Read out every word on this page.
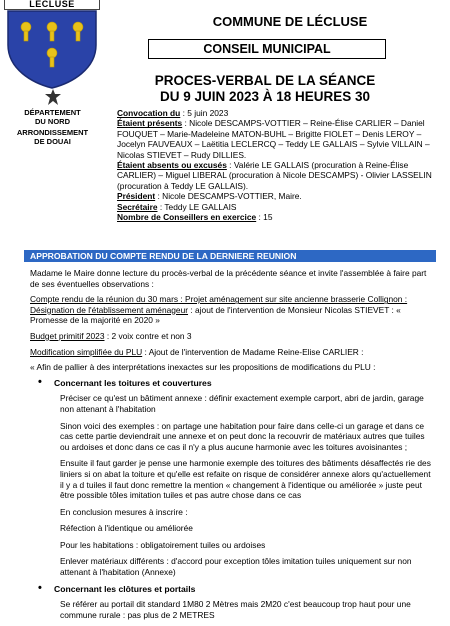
LÉCLUSE
DÉPARTEMENT
DU NORD
ARRONDISSEMENT
DE DOUAI
COMMUNE DE LÉCLUSE
CONSEIL MUNICIPAL
PROCES-VERBAL DE LA SÉANCE
DU 9 JUIN 2023 À 18 HEURES 30
Convocation du : 5 juin 2023
Étaient présents : Nicole DESCAMPS-VOTTIER – Reine-Élise CARLIER – Daniel FOUQUET – Marie-Madeleine MATON-BUHL – Brigitte FIOLET – Denis LEROY – Jocelyn FAUVEAUX – Laëtitia LECLERCQ – Teddy LE GALLAIS – Sylvie VILLAIN – Nicolas STIEVET – Rudy DILLIES.
Étaient absents ou excusés : Valérie LE GALLAIS (procuration à Reine-Élise CARLIER) – Miguel LIBERAL (procuration à Nicole DESCAMPS) - Olivier LASSELIN (procuration à Teddy LE GALLAIS).
Président : Nicole DESCAMPS-VOTTIER, Maire.
Secrétaire : Teddy LE GALLAIS
Nombre de Conseillers en exercice : 15
APPROBATION DU COMPTE RENDU DE LA DERNIERE REUNION

Madame le Maire donne lecture du procès-verbal de la précédente séance et invite l'assemblée à faire part de ses éventuelles observations :

Compte rendu de la réunion du 30 mars : Projet aménagement sur site ancienne brasserie Collignon : Désignation de l'établissement aménageur : ajout de l'intervention de Monsieur Nicolas STIEVET : « Promesse de la majorité en 2020 »

Budget primitif 2023 : 2 voix contre et non 3

Modification simplifiée du PLU : Ajout de l'intervention de Madame Reine-Elise CARLIER :

« Afin de pallier à des interprétations inexactes sur les propositions de modifications du PLU :

• Concernant les toitures et couvertures

Préciser ce qu'est un bâtiment annexe : définir exactement exemple carport, abri de jardin, garage non attenant à l'habitation

Sinon voici des exemples : on partage une habitation pour faire dans celle-ci un garage et dans ce cas cette partie deviendrait une annexe et on peut donc la recouvrir de matériaux autres que tuiles ou ardoises et donc dans ce cas il n'y a plus aucune harmonie avec les toitures avoisinantes ;

Ensuite il faut garder je pense une harmonie exemple des toitures des bâtiments désaffectés rie des liniers si on abat la toiture et qu'elle est refaite on risque de considérer annexe alors qu'actuellement il y a d tuiles il faut donc remettre la mention « changement à l'identique ou améliorée » juste peut être possible tôles imitation tuiles et pas autre chose dans ce cas

En conclusion mesures à inscrire :

Réfection à l'identique ou améliorée

Pour les habitations : obligatoirement tuiles ou ardoises

Enlever matériaux différents : d'accord pour exception tôles imitation tuiles uniquement sur non attenant à l'habitation (Annexe)

• Concernant les clôtures et portails

Se référer au portail dit standard 1M80 2 Mètres mais 2M20 c'est beaucoup trop haut pour une commune rurale : pas plus de 2 METRES
